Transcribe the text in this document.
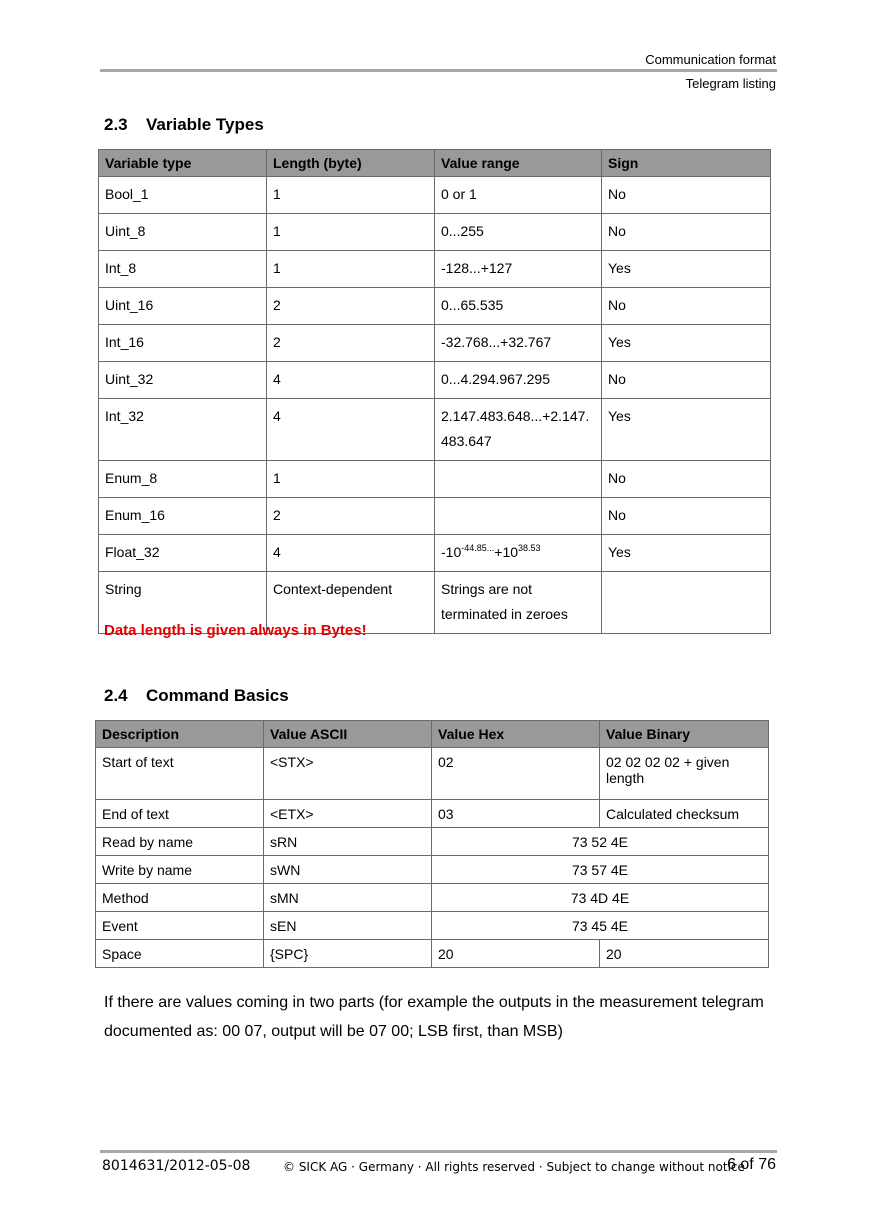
Communication format
Telegram listing
2.3 Variable Types
Variable type	Length (byte)	Value range	Sign
Bool_1	1	0 or 1	No
Uint_8	1	0...255	No
Int_8	1	-128...+127	Yes
Uint_16	2	0...65.535	No
Int_16	2	-32.768...+32.767	Yes
Uint_32	4	0...4.294.967.295	No
Int_32	4	2.147.483.648...+2.147.483.647	Yes
Enum_8	1		No
Enum_16	2		No
Float_32	4	$-10^{-44.85...}+10^{38.53}$	Yes
String	Context-dependent	Strings are not terminated in zeroes	
Data length is given always in Bytes!
2.4 Command Basics
Description	Value ASCII	Value Hex	Value Binary
Start of text	<STX>	02	02 02 02 02 + given length
End of text	<ETX>	03	Calculated checksum
Read by name	sRN	73 52 4E	
Write by name	sWN	73 57 4E	
Method	sMN	73 4D 4E	
Event	sEN	73 45 4E	
Space	{SPC}	20	20
If there are values coming in two parts (for example the outputs in the measurement telegram documented as: 00 07, output will be 07 00; LSB first, than MSB)
8014631/2012-05-08	© SICK AG · Germany · All rights reserved · Subject to change without notice
6 of 76
